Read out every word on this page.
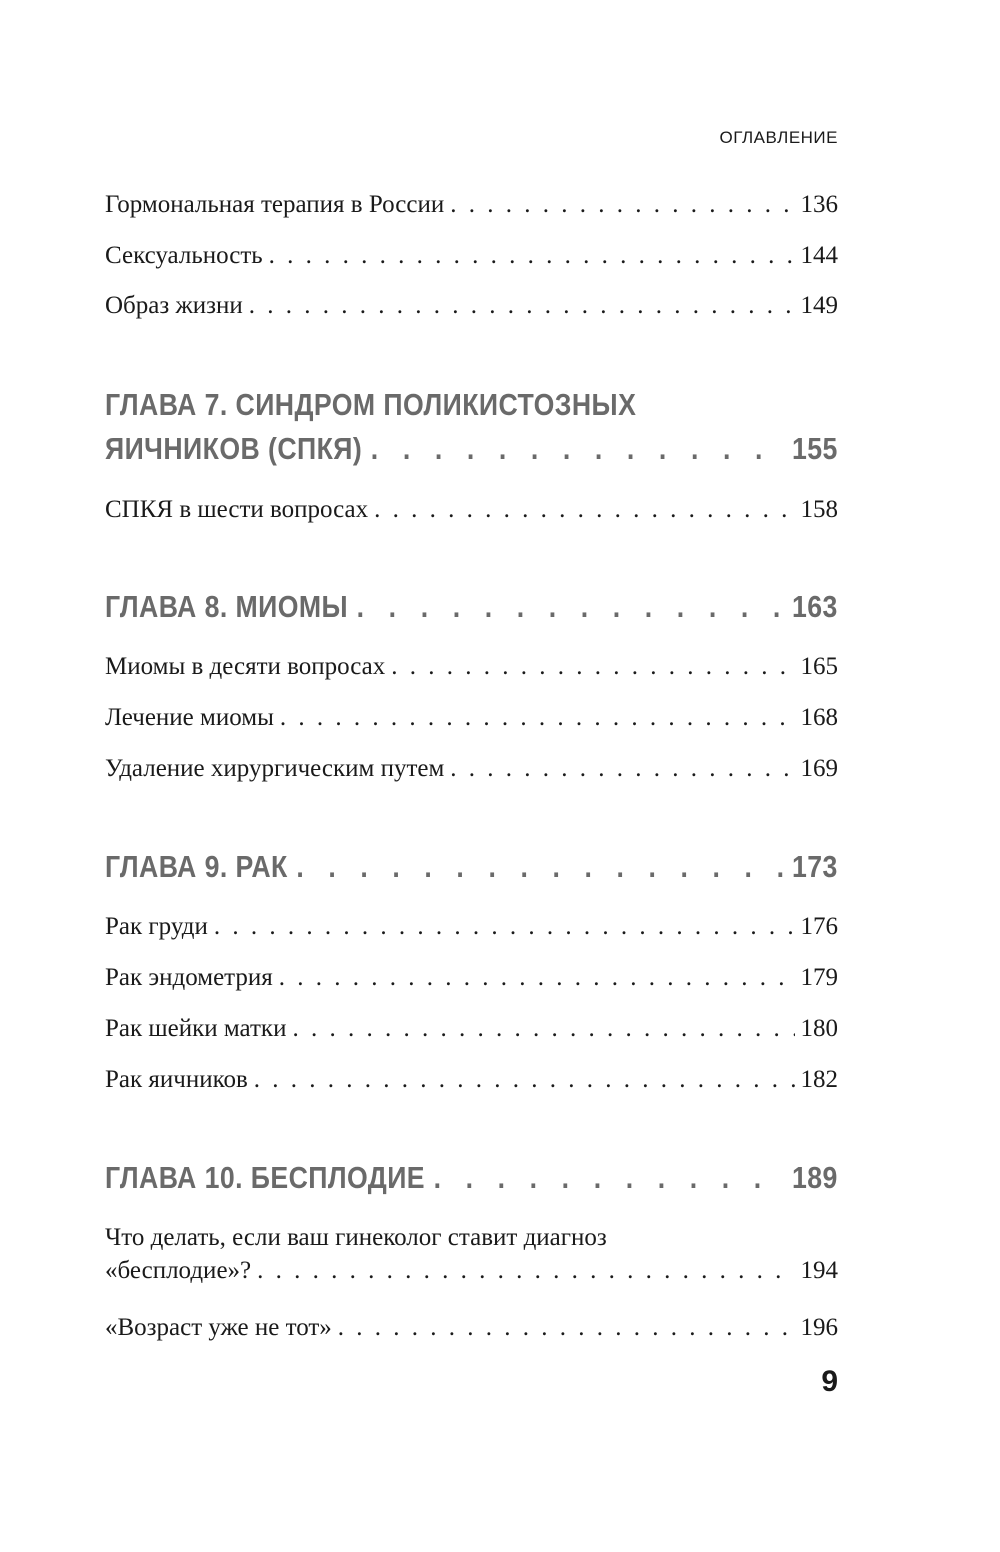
ОГЛАВЛЕНИЕ
Гормональная терапия в России . . .	136
Сексуальность . . .	144
Образ жизни . . .	149
ГЛАВА 7. СИНДРОМ ПОЛИКИСТОЗНЫХ
ЯИЧНИКОВ (СПКЯ) . . .	155
СПКЯ в шести вопросах . . .	158
ГЛАВА 8. МИОМЫ . . .	163
Миомы в десяти вопросах . . .	165
Лечение миомы . . .	168
Удаление хирургическим путем . . .	169
ГЛАВА 9. РАК . . .	173
Рак груди . . .	176
Рак эндометрия . . .	179
Рак шейки матки . . .	180
Рак яичников . . .	182
ГЛАВА 10. БЕСПЛОДИЕ . . .	189
Что делать, если ваш гинеколог ставит диагноз
«бесплодие»? . . .	194
«Возраст уже не тот» . . .	196
9
